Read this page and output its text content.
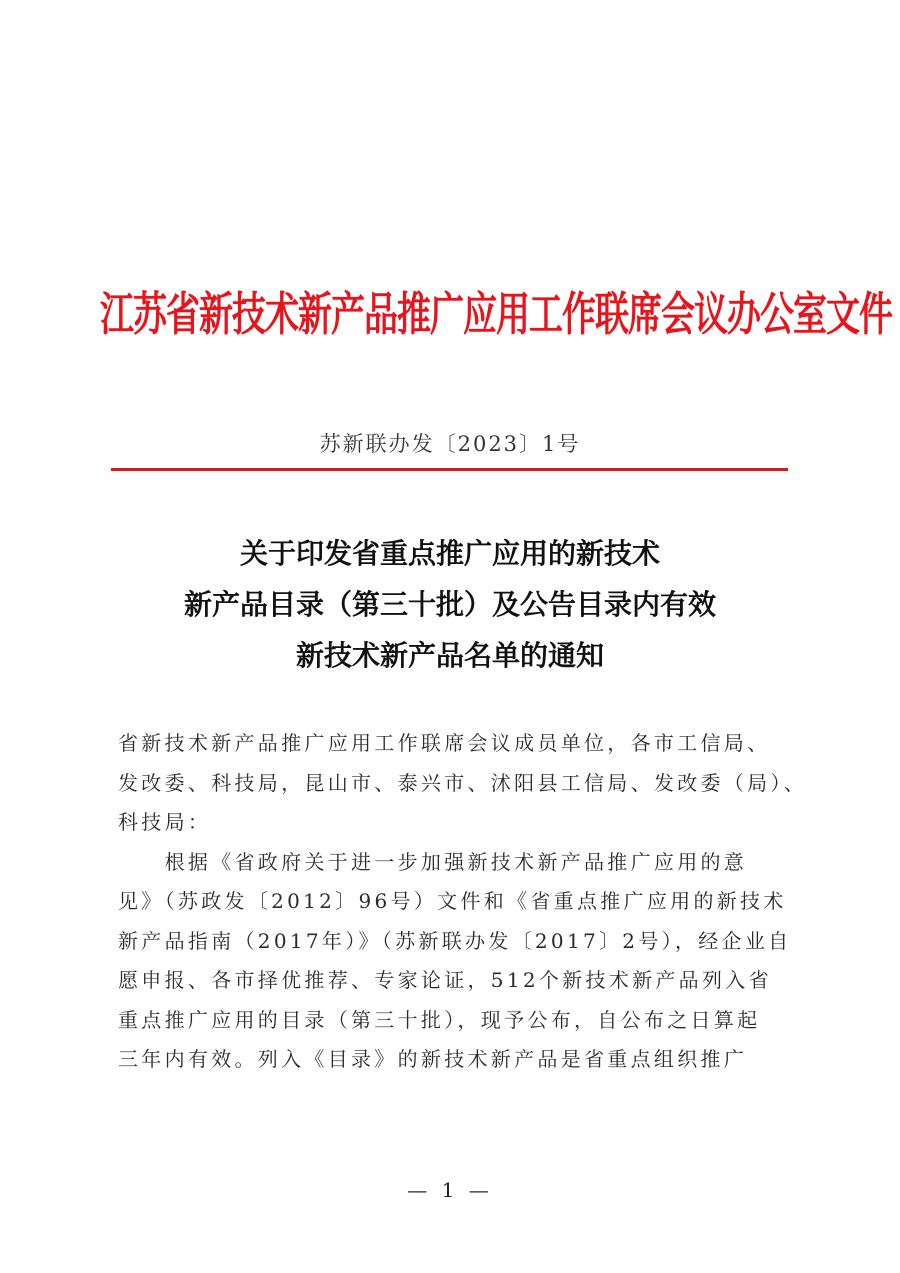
江苏省新技术新产品推广应用工作联席会议办公室文件
苏新联办发〔2023〕1号
关于印发省重点推广应用的新技术
新产品目录（第三十批）及公告目录内有效
新技术新产品名单的通知
省新技术新产品推广应用工作联席会议成员单位，各市工信局、
发改委、科技局，昆山市、泰兴市、沭阳县工信局、发改委（局）、
科技局：
　　根据《省政府关于进一步加强新技术新产品推广应用的意
见》（苏政发〔2012〕96号）文件和《省重点推广应用的新技术
新产品指南（2017年）》（苏新联办发〔2017〕2号），经企业自
愿申报、各市择优推荐、专家论证，512个新技术新产品列入省
重点推广应用的目录（第三十批），现予公布，自公布之日算起
三年内有效。列入《目录》的新技术新产品是省重点组织推广
— 1 —
